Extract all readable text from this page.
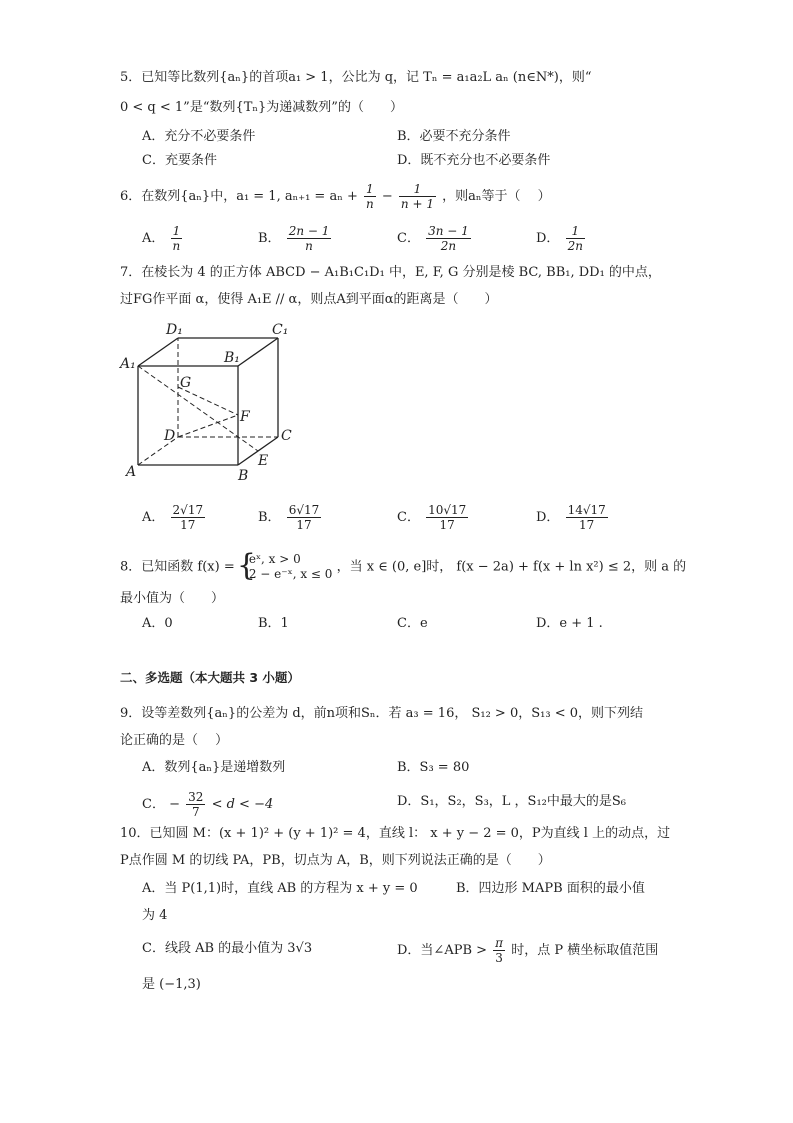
5．已知等比数列{aₙ}的首项a₁ > 1，公比为 q，记 Tₙ = a₁a₂L aₙ (n∈N*)，则“
0 < q < 1”是“数列{Tₙ}为递减数列”的（　　）
A．充分不必要条件	B．必要不充分条件
C．充要条件	D．既不充分也不必要条件
6．在数列{aₙ}中，a₁ = 1, $a_{n+1} = a_n + \frac{1}{n} - \frac{1}{n + 1}$ ，则aₙ等于（　 ）
A． $\frac{1}{n}$	B． $\frac{2n - 1}{n}$	C． $\frac{3n - 1}{2n}$	D． $\frac{1}{2n}$
7．在棱长为 4 的正方体 ABCD − A₁B₁C₁D₁ 中，E, F, G 分别是棱 BC, BB₁, DD₁ 的中点，
过FG作平面 α，使得 A₁E // α，则点A到平面α的距离是（　　）
D₁	C₁
A₁	B₁
G
F
D	C
E
A	B
A． $\frac{2√17}{17}$	B． $\frac{6√17}{17}$	C． $\frac{10√17}{17}$	D． $\frac{14√17}{17}$
8．已知函数 f(x) =
{ eˣ, x > 0
2 − e⁻ˣ, x ≤ 0 ，当 x ∈ (0, e]时， f(x − 2a) + f(x + ln x²) ≤ 2，则 a 的
最小值为（　　）
A．0	B．1	C．e	D．e + 1 .
二、多选题（本大题共 3 小题）
9．设等差数列{aₙ}的公差为 d，前n项和Sₙ．若 a₃ = 16， S₁₂ > 0，S₁₃ < 0，则下列结
论正确的是（　 ）
A．数列{aₙ}是递增数列	B．S₃ = 80
C． − $\frac{32}{7} < d < -4$	D．S₁，S₂，S₃，L ，S₁₂中最大的是S₆
10．已知圆 M：(x + 1)² + (y + 1)² = 4，直线 l： x + y − 2 = 0，P为直线 l 上的动点，过
P点作圆 M 的切线 PA，PB，切点为 A，B，则下列说法正确的是（　　）
A．当 P(1,1)时，直线 AB 的方程为 x + y = 0	B．四边形 MAPB 面积的最小值
为 4
C．线段 AB 的最小值为 3√3	D．当∠APB > $\frac{\pi}{3}$ 时，点 P 横坐标取值范围
是 (−1,3)
